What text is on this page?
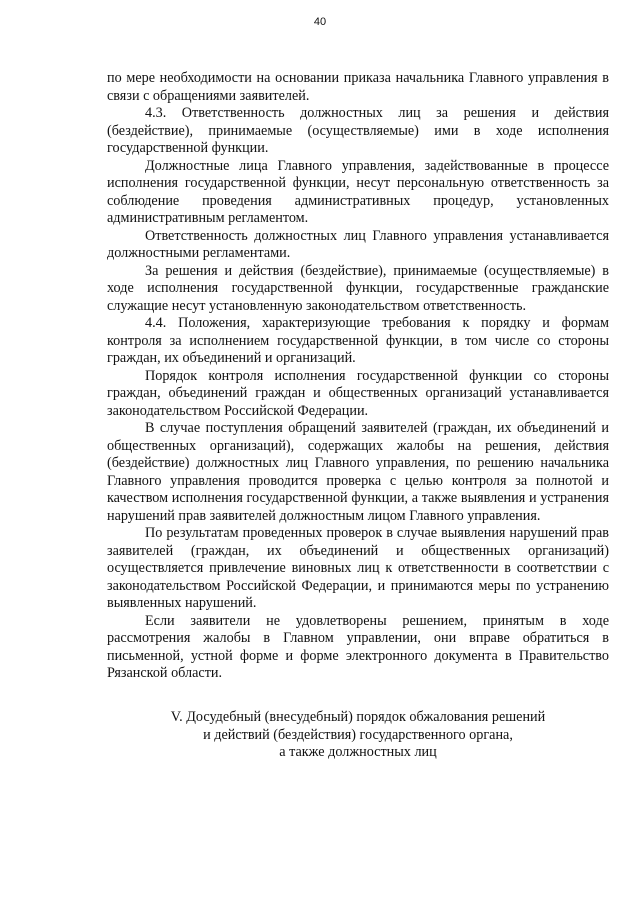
40

по мере необходимости на основании приказа начальника Главного управления в связи с обращениями заявителей.

4.3. Ответственность должностных лиц за решения и действия (бездействие), принимаемые (осуществляемые) ими в ходе исполнения государственной функции.

Должностные лица Главного управления, задействованные в процессе исполнения государственной функции, несут персональную ответственность за соблюдение проведения административных процедур, установленных административным регламентом.

Ответственность должностных лиц Главного управления устанавливается должностными регламентами.

За решения и действия (бездействие), принимаемые (осуществляемые) в ходе исполнения государственной функции, государственные гражданские служащие несут установленную законодательством ответственность.

4.4. Положения, характеризующие требования к порядку и формам контроля за исполнением государственной функции, в том числе со стороны граждан, их объединений и организаций.

Порядок контроля исполнения государственной функции со стороны граждан, объединений граждан и общественных организаций устанавливается законодательством Российской Федерации.

В случае поступления обращений заявителей (граждан, их объединений и общественных организаций), содержащих жалобы на решения, действия (бездействие) должностных лиц Главного управления, по решению начальника Главного управления проводится проверка с целью контроля за полнотой и качеством исполнения государственной функции, а также выявления и устранения нарушений прав заявителей должностным лицом Главного управления.

По результатам проведенных проверок в случае выявления нарушений прав заявителей (граждан, их объединений и общественных организаций) осуществляется привлечение виновных лиц к ответственности в соответствии с законодательством Российской Федерации, и принимаются меры по устранению выявленных нарушений.

Если заявители не удовлетворены решением, принятым в ходе рассмотрения жалобы в Главном управлении, они вправе обратиться в письменной, устной форме и форме электронного документа в Правительство Рязанской области.

V. Досудебный (внесудебный) порядок обжалования решений
и действий (бездействия) государственного органа,
а также должностных лиц
